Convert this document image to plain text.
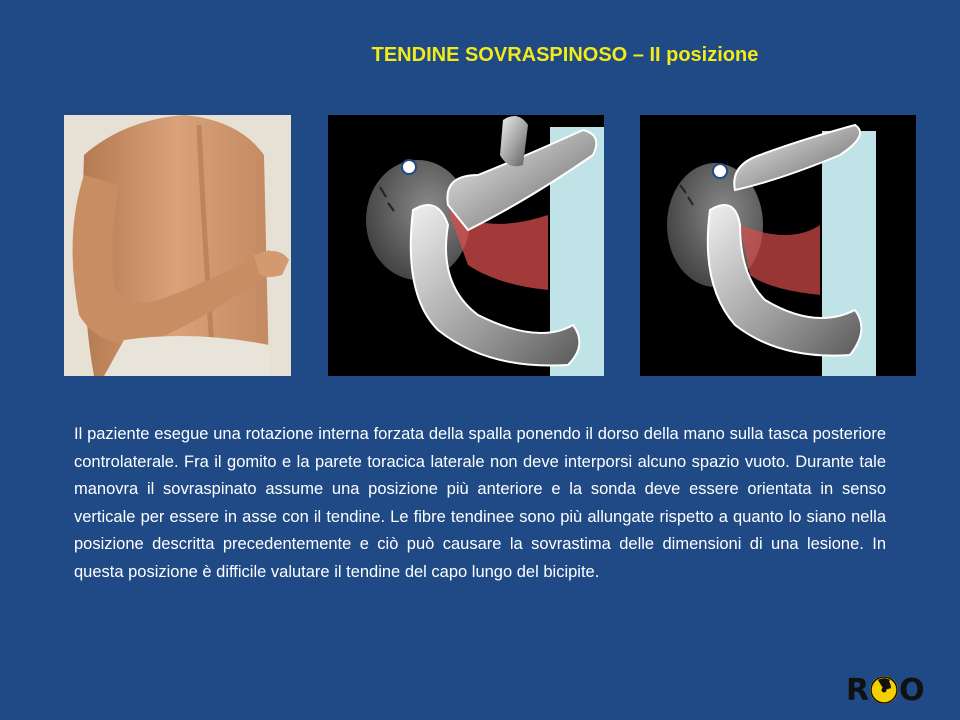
TENDINE SOVRASPINOSO – II posizione

Il paziente esegue una rotazione interna forzata della spalla ponendo il dorso della mano sulla tasca posteriore controlaterale. Fra il gomito e la parete toracica laterale non deve interporsi alcuno spazio vuoto. Durante tale manovra il sovraspinato assume una posizione più anteriore e la sonda deve essere orientata in senso verticale per essere in asse con il tendine. Le fibre tendinee sono più allungate rispetto a quanto lo siano nella posizione descritta precedentemente e ciò può causare la sovrastima delle dimensioni di una lesione. In questa posizione è difficile valutare il tendine del capo lungo del bicipite.

R O
